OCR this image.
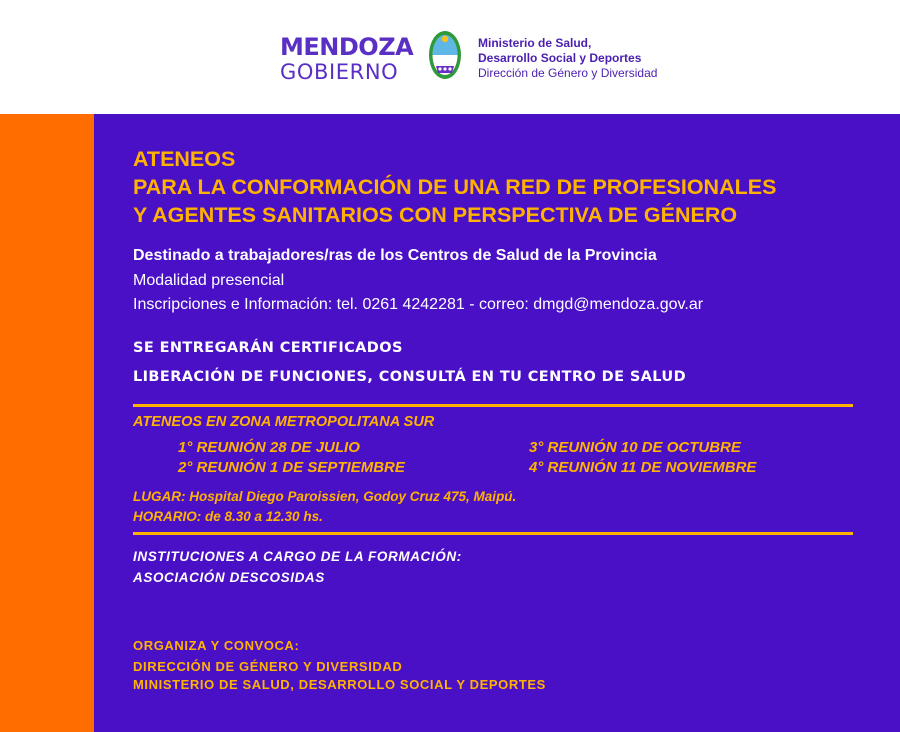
MENDOZA
GOBIERNO
Ministerio de Salud,
Desarrollo Social y Deportes
Dirección de Género y Diversidad
ATENEOS
PARA LA CONFORMACIÓN DE UNA RED DE PROFESIONALES
Y AGENTES SANITARIOS CON PERSPECTIVA DE GÉNERO
Destinado a trabajadores/ras de los Centros de Salud de la Provincia
Modalidad presencial
Inscripciones e Información: tel. 0261 4242281 - correo: dmgd@mendoza.gov.ar
SE ENTREGARÁN CERTIFICADOS
LIBERACIÓN DE FUNCIONES, CONSULTÁ EN TU CENTRO DE SALUD
ATENEOS EN ZONA METROPOLITANA SUR
1° REUNIÓN 28 DE JULIO
2° REUNIÓN 1 DE SEPTIEMBRE
3° REUNIÓN 10 DE OCTUBRE
4° REUNIÓN 11 DE NOVIEMBRE
LUGAR: Hospital Diego Paroissien, Godoy Cruz 475, Maipú.
HORARIO: de 8.30 a 12.30 hs.
INSTITUCIONES A CARGO DE LA FORMACIÓN:
ASOCIACIÓN DESCOSIDAS
ORGANIZA Y CONVOCA:
DIRECCIÓN DE GÉNERO Y DIVERSIDAD
MINISTERIO DE SALUD, DESARROLLO SOCIAL Y DEPORTES
